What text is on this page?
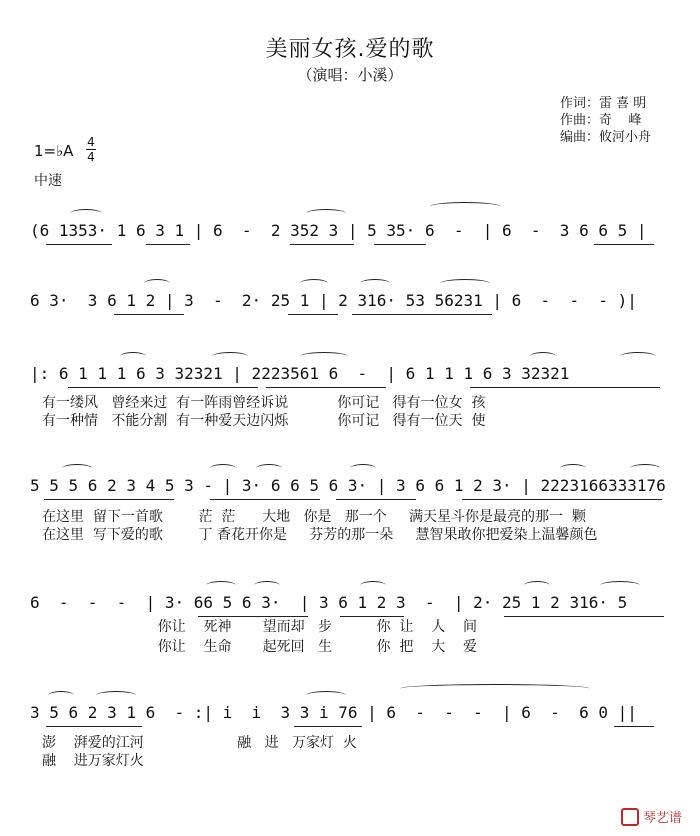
美丽女孩.爱的歌
（演唱：小溪）
作词：雷 喜 明
作曲：奇    峰
编曲：攸河小舟
1=♭A 4
4
中速
(6 1353· 1 6 3 1 | 6  -  2 352 3 | 5 35· 6  -  | 6  -  3 6 6 5 |
6 3·  3 6 1 2 | 3  -  2· 25 1 | 2 316· 53 56231 | 6  -  -  - )|
|: 6 1 1 1 6 3 32321 | 2223561 6  -  | 6 1 1 1 6 3 32321
有一缕风   曾经来过  有一阵雨曾经诉说           你可记   得有一位女  孩
有一种情   不能分割  有一种爱天边闪烁           你可记   得有一位天  使
5 5 5 6 2 3 4 5 3 - | 3· 6 6 5 6 3· | 3 6 6 1 2 3· | 2223166333176
在这里  留下一首歌        茫  茫      大地   你是   那一个     满天星斗你是最亮的那一  颗
在这里  写下爱的歌        丁 香花开你是     芬芳的那一朵     慧智果敢你把爱染上温馨颜色
6  -  -  -  | 3· 66 5 6 3·  | 3 6 1 2 3  -  | 2· 25 1 2 316· 5
你让    死神       望而却   步          你  让    人    间
你让    生命       起死回   生          你  把    大    爱
3 5 6 2 3 1 6  - :| i  i  3 3 i 76 | 6  -  -  -  | 6  -  6 0 ||
澎    湃爱的江河                     融   进   万家灯  火
融    进万家灯火
琴艺谱
